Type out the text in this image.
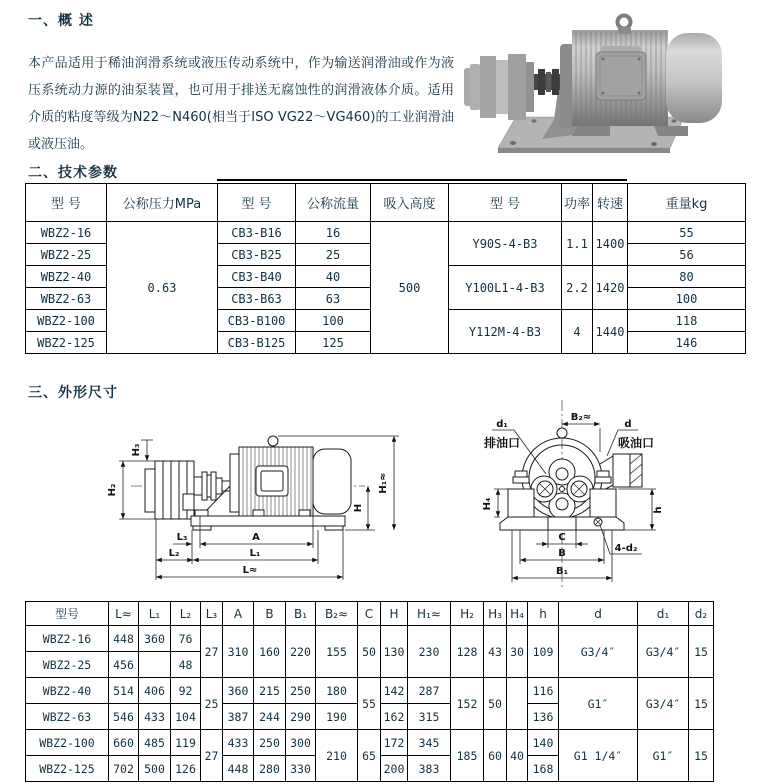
一、概 述
本产品适用于稀油润滑系统或液压传动系统中，作为输送润滑油或作为液压系统动力源的油泵装置，也可用于排送无腐蚀性的润滑液体介质。适用介质的粘度等级为N22～N460(相当于ISO VG22～VG460)的工业润滑油或液压油。
二、技术参数
型 号	公称压力MPa	型 号	公称流量	吸入高度	型 号	功率	转速	重量kg
WBZ2-16	0.63	CB3-B16	16	500	Y90S-4-B3	1.1	1400	55
WBZ2-25		CB3-B25	25					56
WBZ2-40		CB3-B40	40		Y100L1-4-B3	2.2	1420	80
WBZ2-63		CB3-B63	63					100
WBZ2-100		CB3-B100	100		Y112M-4-B3	4	1440	118
WBZ2-125		CB3-B125	125					146
三、外形尺寸
H₃
H₂
H
H₁≈
L₃	A
L₂	L₁
L≈
B₂≈
d₁
排油口
d
吸油口
H₄	h
C
B
B₁
4-d₂
型号	L≈	L₁	L₂	L₃	A	B	B₁	B₂≈	C	H	H₁≈	H₂	H₃	H₄	h	d	d₁	d₂
WBZ2-16	448	360	76	27	310	160	220	155	50	130	230	128	43	30	109	G3/4″	G3/4″	15
WBZ2-25	456		48															
WBZ2-40	514	406	92	25	360	215	250	180	55	142	287	152	50		116	G1″	G3/4″	15
WBZ2-63	546	433	104		387	244	290	190		162	315				136			
WBZ2-100	660	485	119	27	433	250	300	210	65	172	345	185	60	40	140	G1 1/4″	G1″	15
WBZ2-125	702	500	126		448	280	330			200	383				168			
